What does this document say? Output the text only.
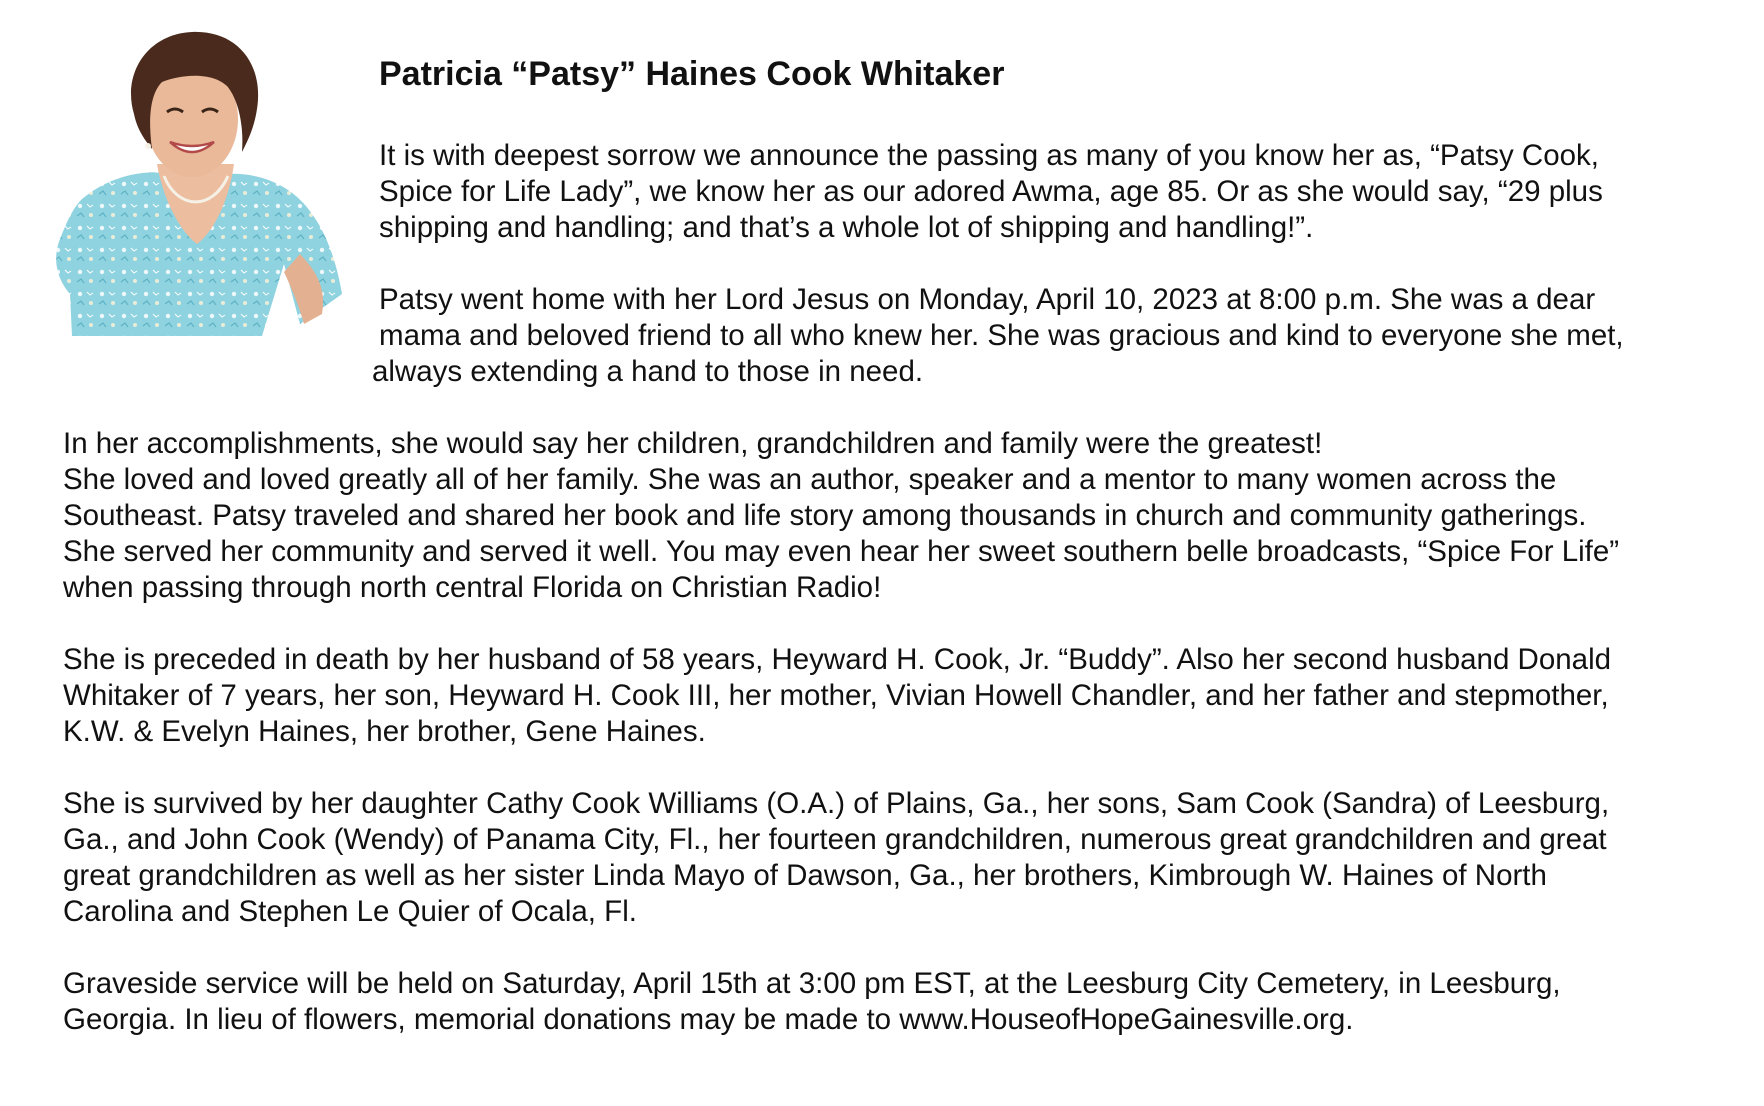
Patricia “Patsy” Haines Cook Whitaker

It is with deepest sorrow we announce the passing as many of you know her as, “Patsy Cook,
Spice for Life Lady”, we know her as our adored Awma, age 85. Or as she would say, “29 plus
shipping and handling; and that’s a whole lot of shipping and handling!”.

Patsy went home with her Lord Jesus on Monday, April 10, 2023 at 8:00 p.m. She was a dear
mama and beloved friend to all who knew her. She was gracious and kind to everyone she met,
always extending a hand to those in need.

In her accomplishments, she would say her children, grandchildren and family were the greatest!
She loved and loved greatly all of her family. She was an author, speaker and a mentor to many women across the
Southeast. Patsy traveled and shared her book and life story among thousands in church and community gatherings.
She served her community and served it well. You may even hear her sweet southern belle broadcasts, “Spice For Life”
when passing through north central Florida on Christian Radio!

She is preceded in death by her husband of 58 years, Heyward H. Cook, Jr. “Buddy”. Also her second husband Donald
Whitaker of 7 years, her son, Heyward H. Cook III, her mother, Vivian Howell Chandler, and her father and stepmother,
K.W. & Evelyn Haines, her brother, Gene Haines.

She is survived by her daughter Cathy Cook Williams (O.A.) of Plains, Ga., her sons, Sam Cook (Sandra) of Leesburg,
Ga., and John Cook (Wendy) of Panama City, Fl., her fourteen grandchildren, numerous great grandchildren and great
great grandchildren as well as her sister Linda Mayo of Dawson, Ga., her brothers, Kimbrough W. Haines of North
Carolina and Stephen Le Quier of Ocala, Fl.

Graveside service will be held on Saturday, April 15th at 3:00 pm EST, at the Leesburg City Cemetery, in Leesburg,
Georgia. In lieu of flowers, memorial donations may be made to www.HouseofHopeGainesville.org.
